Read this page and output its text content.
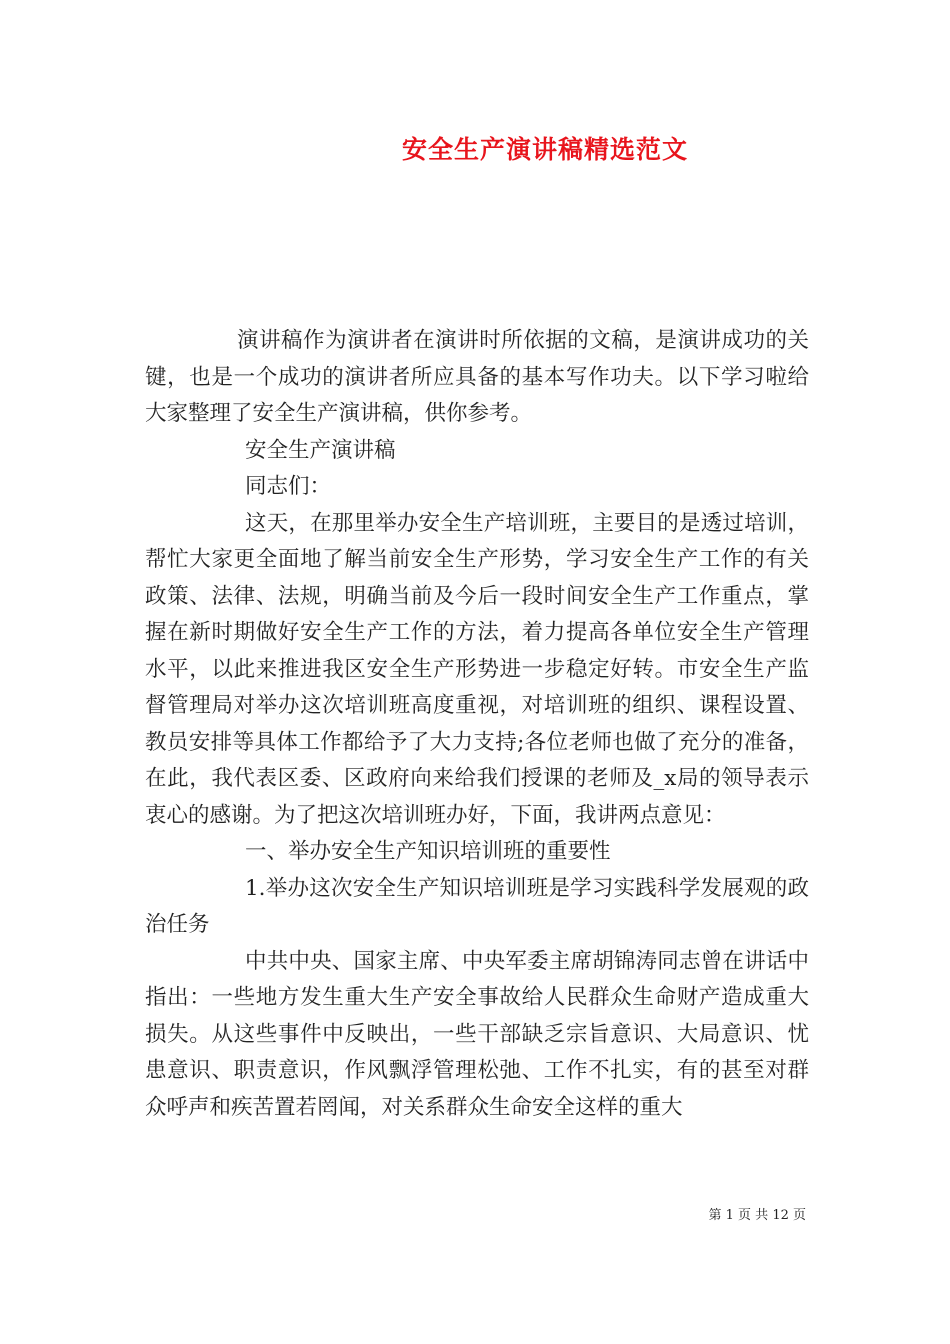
安全生产演讲稿精选范文

演讲稿作为演讲者在演讲时所依据的文稿，是演讲成功的关键，也是一个成功的演讲者所应具备的基本写作功夫。以下学习啦给大家整理了安全生产演讲稿，供你参考。

安全生产演讲稿

同志们：

这天，在那里举办安全生产培训班，主要目的是透过培训，帮忙大家更全面地了解当前安全生产形势，学习安全生产工作的有关政策、法律、法规，明确当前及今后一段时间安全生产工作重点，掌握在新时期做好安全生产工作的方法，着力提高各单位安全生产管理水平，以此来推进我区安全生产形势进一步稳定好转。市安全生产监督管理局对举办这次培训班高度重视，对培训班的组织、课程设置、教员安排等具体工作都给予了大力支持;各位老师也做了充分的准备，在此，我代表区委、区政府向来给我们授课的老师及_x局的领导表示衷心的感谢。为了把这次培训班办好，下面，我讲两点意见：

一、举办安全生产知识培训班的重要性

1.举办这次安全生产知识培训班是学习实践科学发展观的政治任务

中共中央、国家主席、中央军委主席胡锦涛同志曾在讲话中指出：一些地方发生重大生产安全事故给人民群众生命财产造成重大损失。从这些事件中反映出，一些干部缺乏宗旨意识、大局意识、忧患意识、职责意识，作风飘浮管理松弛、工作不扎实，有的甚至对群众呼声和疾苦置若罔闻，对关系群众生命安全这样的重大

第 1 页 共 12 页
